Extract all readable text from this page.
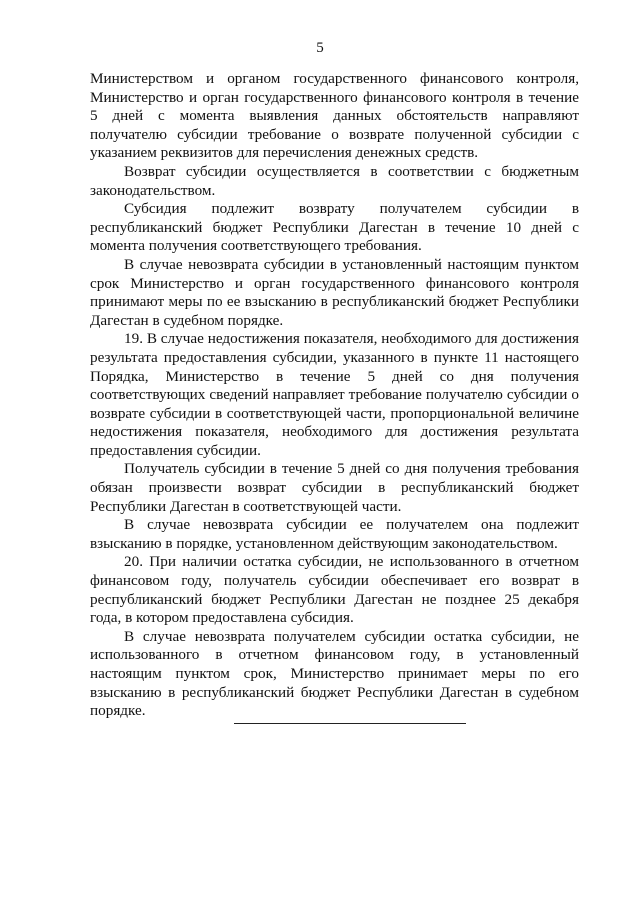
5

Министерством и органом государственного финансового контроля, Министерство и орган государственного финансового контроля в течение 5 дней с момента выявления данных обстоятельств направляют получателю субсидии требование о возврате полученной субсидии с указанием реквизитов для перечисления денежных средств.

Возврат субсидии осуществляется в соответствии с бюджетным законодательством.

Субсидия подлежит возврату получателем субсидии в республиканский бюджет Республики Дагестан в течение 10 дней с момента получения соответствующего требования.

В случае невозврата субсидии в установленный настоящим пунктом срок Министерство и орган государственного финансового контроля принимают меры по ее взысканию в республиканский бюджет Республики Дагестан в судебном порядке.

19. В случае недостижения показателя, необходимого для достижения результата предоставления субсидии, указанного в пункте 11 настоящего Порядка, Министерство в течение 5 дней со дня получения соответствующих сведений направляет требование получателю субсидии о возврате субсидии в соответствующей части, пропорциональной величине недостижения показателя, необходимого для достижения результата предоставления субсидии.

Получатель субсидии в течение 5 дней со дня получения требования обязан произвести возврат субсидии в республиканский бюджет Республики Дагестан в соответствующей части.

В случае невозврата субсидии ее получателем она подлежит взысканию в порядке, установленном действующим законодательством.

20. При наличии остатка субсидии, не использованного в отчетном финансовом году, получатель субсидии обеспечивает его возврат в республиканский бюджет Республики Дагестан не позднее 25 декабря года, в котором предоставлена субсидия.

В случае невозврата получателем субсидии остатка субсидии, не использованного в отчетном финансовом году, в установленный настоящим пунктом срок, Министерство принимает меры по его взысканию в республиканский бюджет Республики Дагестан в судебном порядке.
